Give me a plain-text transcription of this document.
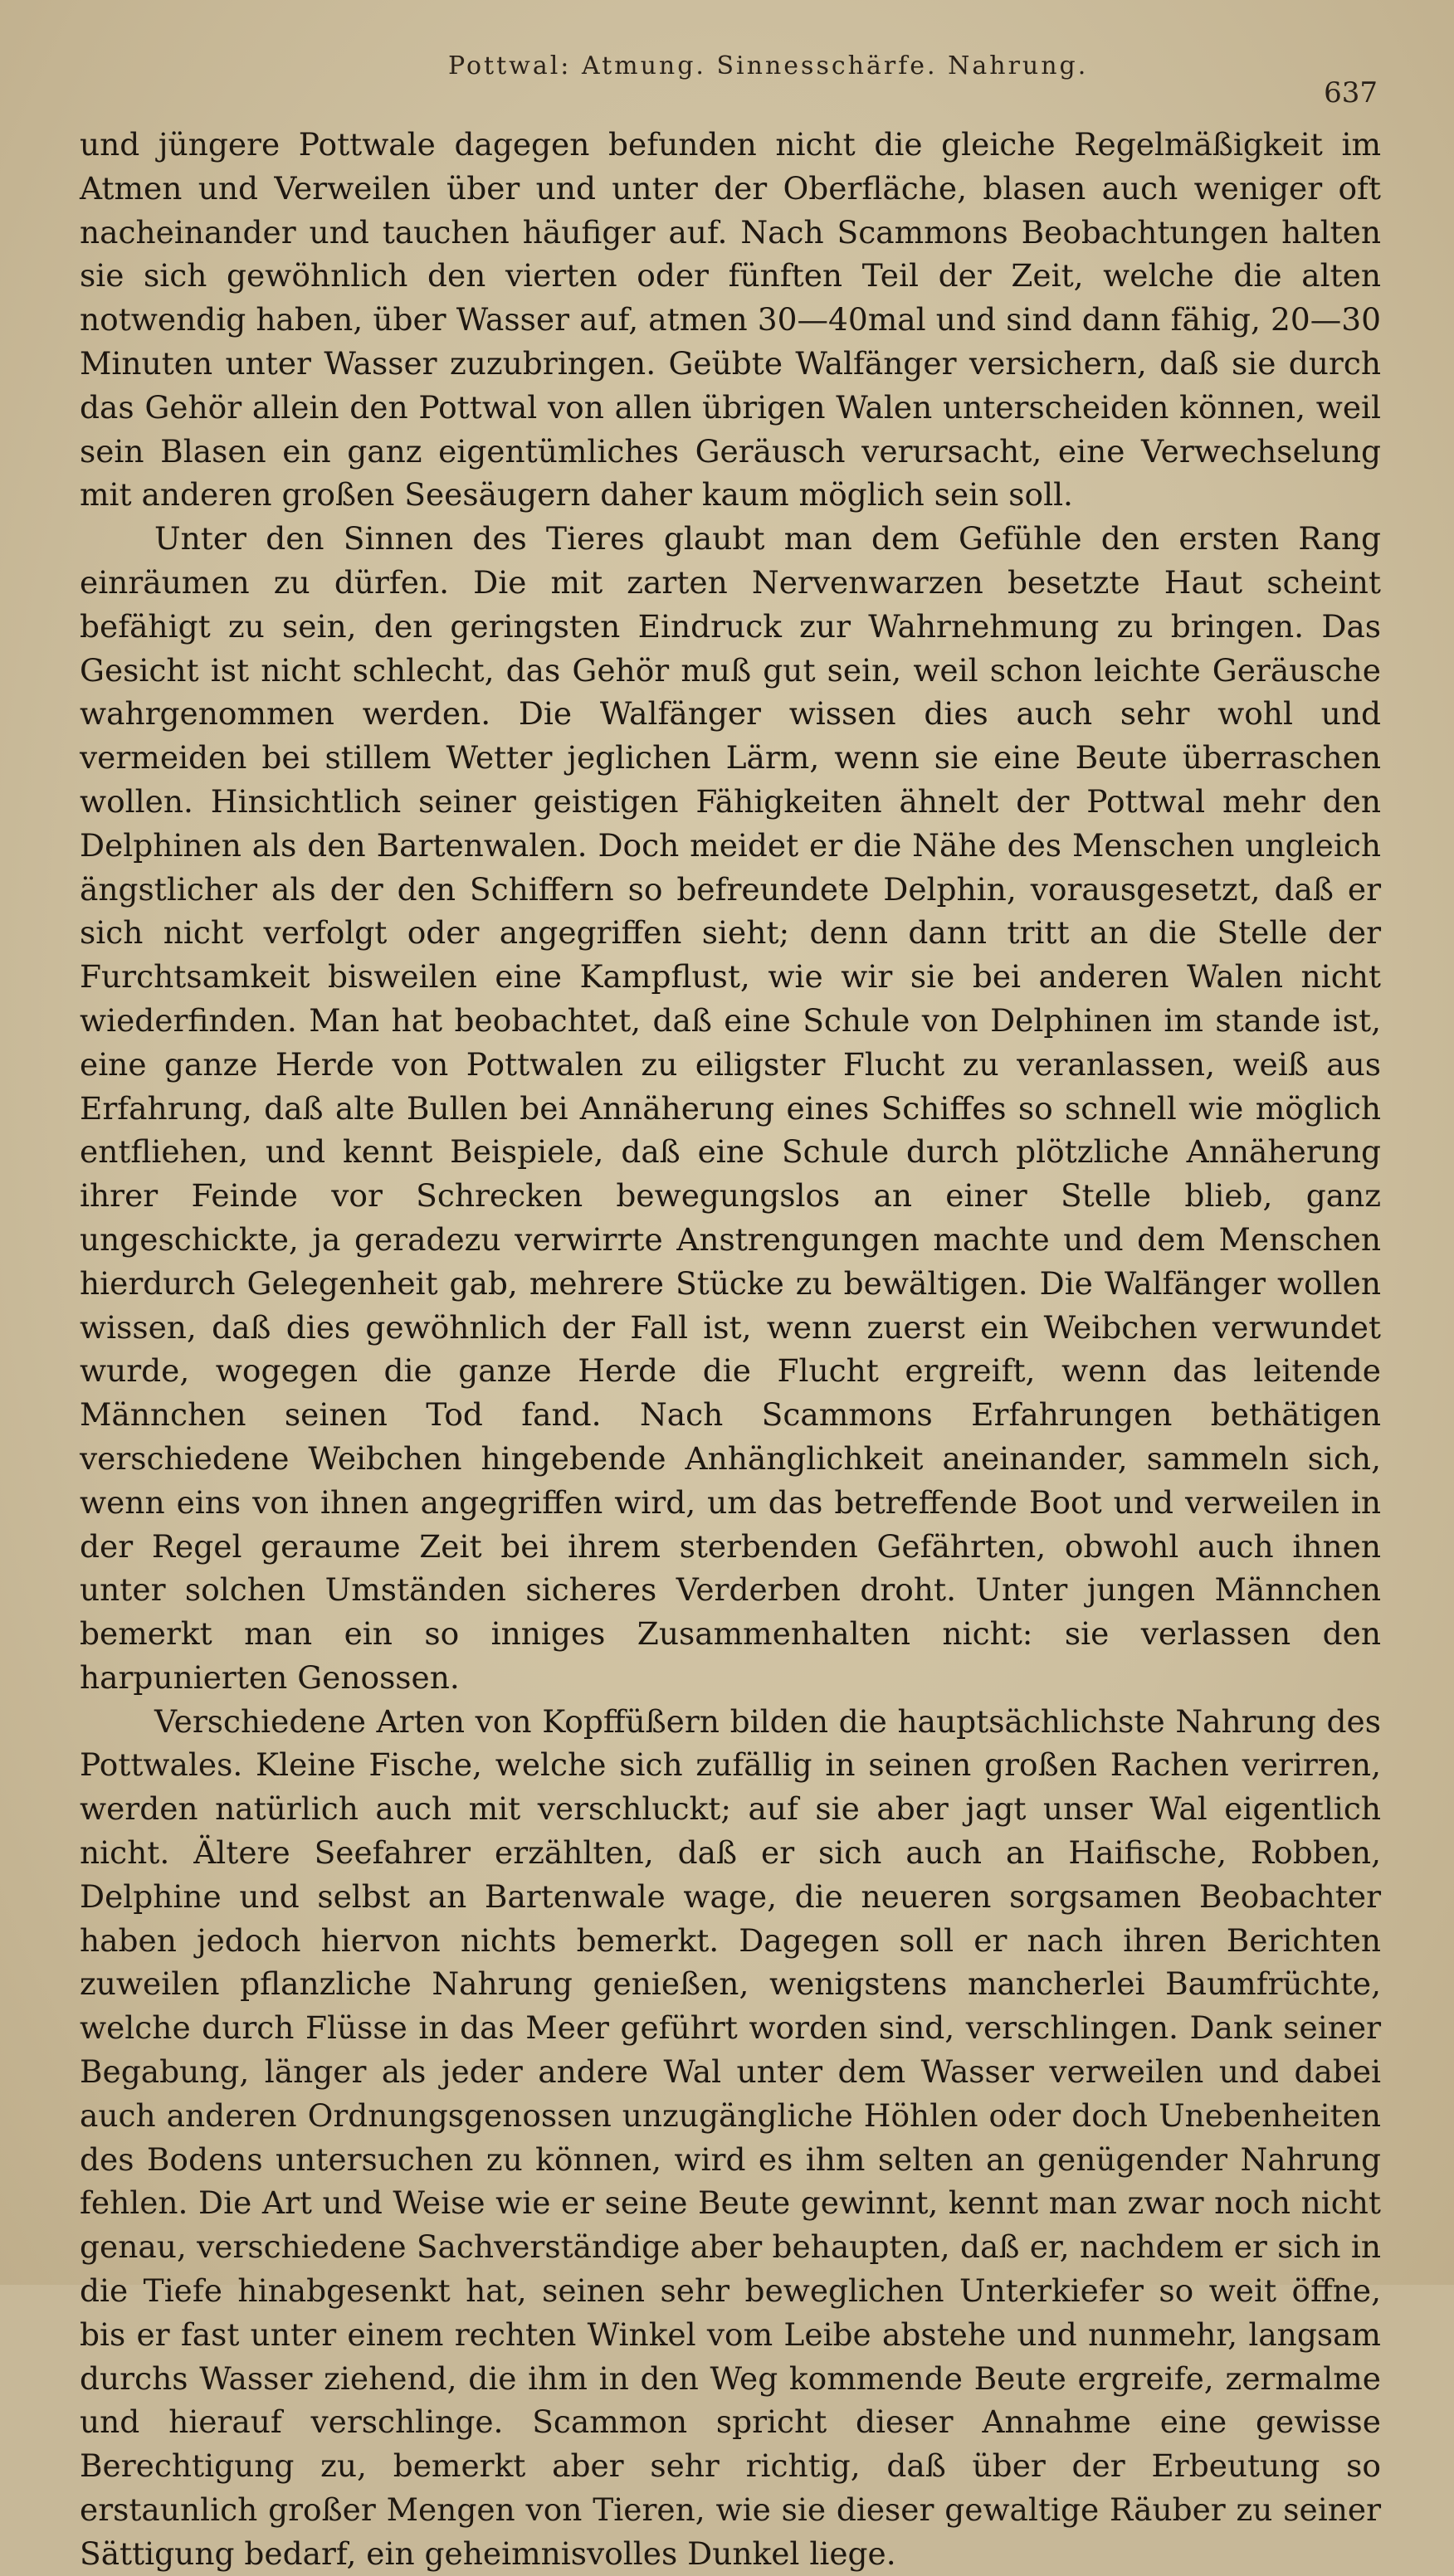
Pottwal: Atmung. Sinnesschärfe. Nahrung.
637

und jüngere Pottwale dagegen befunden nicht die gleiche Regelmäßigkeit im Atmen und Verweilen über und unter der Oberfläche, blasen auch weniger oft nacheinander und tauchen häufiger auf. Nach Scammons Beobachtungen halten sie sich gewöhnlich den vierten oder fünften Teil der Zeit, welche die alten notwendig haben, über Wasser auf, atmen 30—40mal und sind dann fähig, 20—30 Minuten unter Wasser zuzubringen. Geübte Walfänger versichern, daß sie durch das Gehör allein den Pottwal von allen übrigen Walen unterscheiden können, weil sein Blasen ein ganz eigentümliches Geräusch verursacht, eine Verwechselung mit anderen großen Seesäugern daher kaum möglich sein soll.

Unter den Sinnen des Tieres glaubt man dem Gefühle den ersten Rang einräumen zu dürfen. Die mit zarten Nervenwarzen besetzte Haut scheint befähigt zu sein, den geringsten Eindruck zur Wahrnehmung zu bringen. Das Gesicht ist nicht schlecht, das Gehör muß gut sein, weil schon leichte Geräusche wahrgenommen werden. Die Walfänger wissen dies auch sehr wohl und vermeiden bei stillem Wetter jeglichen Lärm, wenn sie eine Beute überraschen wollen. Hinsichtlich seiner geistigen Fähigkeiten ähnelt der Pottwal mehr den Delphinen als den Bartenwalen. Doch meidet er die Nähe des Menschen ungleich ängstlicher als der den Schiffern so befreundete Delphin, vorausgesetzt, daß er sich nicht verfolgt oder angegriffen sieht; denn dann tritt an die Stelle der Furchtsamkeit bisweilen eine Kampflust, wie wir sie bei anderen Walen nicht wiederfinden. Man hat beobachtet, daß eine Schule von Delphinen im stande ist, eine ganze Herde von Pottwalen zu eiligster Flucht zu veranlassen, weiß aus Erfahrung, daß alte Bullen bei Annäherung eines Schiffes so schnell wie möglich entfliehen, und kennt Beispiele, daß eine Schule durch plötzliche Annäherung ihrer Feinde vor Schrecken bewegungslos an einer Stelle blieb, ganz ungeschickte, ja geradezu verwirrte Anstrengungen machte und dem Menschen hierdurch Gelegenheit gab, mehrere Stücke zu bewältigen. Die Walfänger wollen wissen, daß dies gewöhnlich der Fall ist, wenn zuerst ein Weibchen verwundet wurde, wogegen die ganze Herde die Flucht ergreift, wenn das leitende Männchen seinen Tod fand. Nach Scammons Erfahrungen bethätigen verschiedene Weibchen hingebende Anhänglichkeit aneinander, sammeln sich, wenn eins von ihnen angegriffen wird, um das betreffende Boot und verweilen in der Regel geraume Zeit bei ihrem sterbenden Gefährten, obwohl auch ihnen unter solchen Umständen sicheres Verderben droht. Unter jungen Männchen bemerkt man ein so inniges Zusammenhalten nicht: sie verlassen den harpunierten Genossen.

Verschiedene Arten von Kopffüßern bilden die hauptsächlichste Nahrung des Pottwales. Kleine Fische, welche sich zufällig in seinen großen Rachen verirren, werden natürlich auch mit verschluckt; auf sie aber jagt unser Wal eigentlich nicht. Ältere Seefahrer erzählten, daß er sich auch an Haifische, Robben, Delphine und selbst an Bartenwale wage, die neueren sorgsamen Beobachter haben jedoch hiervon nichts bemerkt. Dagegen soll er nach ihren Berichten zuweilen pflanzliche Nahrung genießen, wenigstens mancherlei Baumfrüchte, welche durch Flüsse in das Meer geführt worden sind, verschlingen. Dank seiner Begabung, länger als jeder andere Wal unter dem Wasser verweilen und dabei auch anderen Ordnungsgenossen unzugängliche Höhlen oder doch Unebenheiten des Bodens untersuchen zu können, wird es ihm selten an genügender Nahrung fehlen. Die Art und Weise wie er seine Beute gewinnt, kennt man zwar noch nicht genau, verschiedene Sachverständige aber behaupten, daß er, nachdem er sich in die Tiefe hinabgesenkt hat, seinen sehr beweglichen Unterkiefer so weit öffne, bis er fast unter einem rechten Winkel vom Leibe abstehe und nunmehr, langsam durchs Wasser ziehend, die ihm in den Weg kommende Beute ergreife, zermalme und hierauf verschlinge. Scammon spricht dieser Annahme eine gewisse Berechtigung zu, bemerkt aber sehr richtig, daß über der Erbeutung so erstaunlich großer Mengen von Tieren, wie sie dieser gewaltige Räuber zu seiner Sättigung bedarf, ein geheimnisvolles Dunkel liege.
